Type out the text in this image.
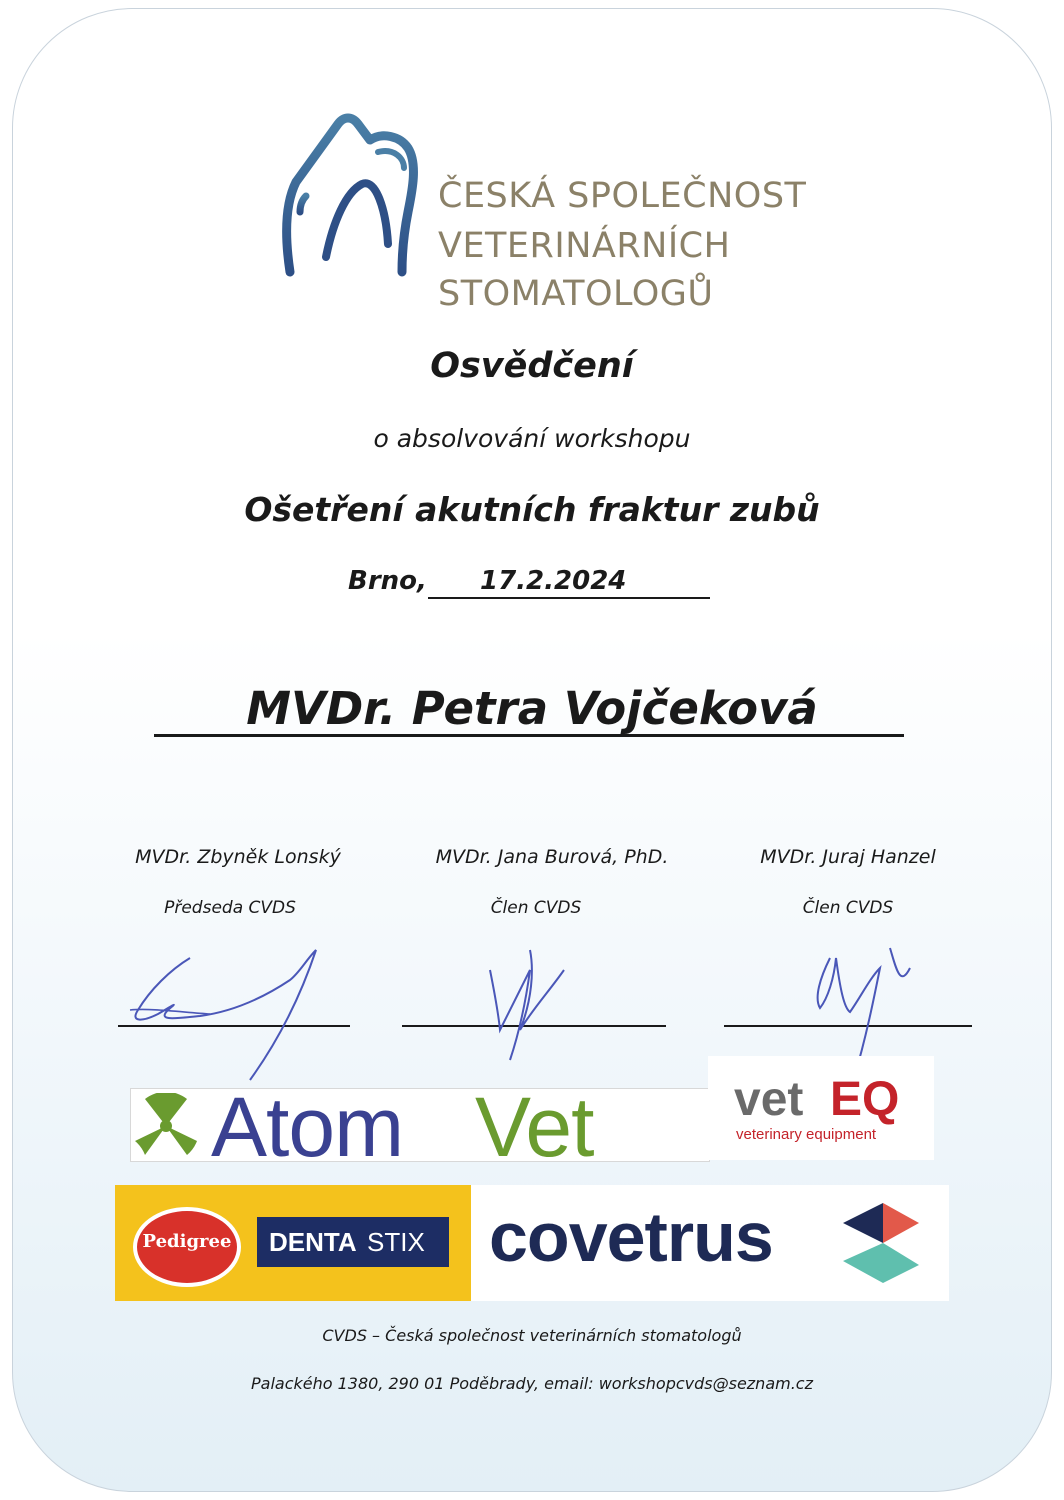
ČESKÁ SPOLEČNOST
VETERINÁRNÍCH
STOMATOLOGŮ
Osvědčení
o absolvování workshopu
Ošetření akutních fraktur zubů
Brno, 17.2.2024
MVDr. Petra Vojčeková
MVDr. Zbyněk Lonský	MVDr. Jana Burová, PhD.	MVDr. Juraj Hanzel
Předseda CVDS	Člen CVDS	Člen CVDS
Atom Vet	vet EQ
veterinary equipment
Pedigree DENTA STIX covetrus
CVDS – Česká společnost veterinárních stomatologů
Palackého 1380, 290 01 Poděbrady, email: workshopcvds@seznam.cz
